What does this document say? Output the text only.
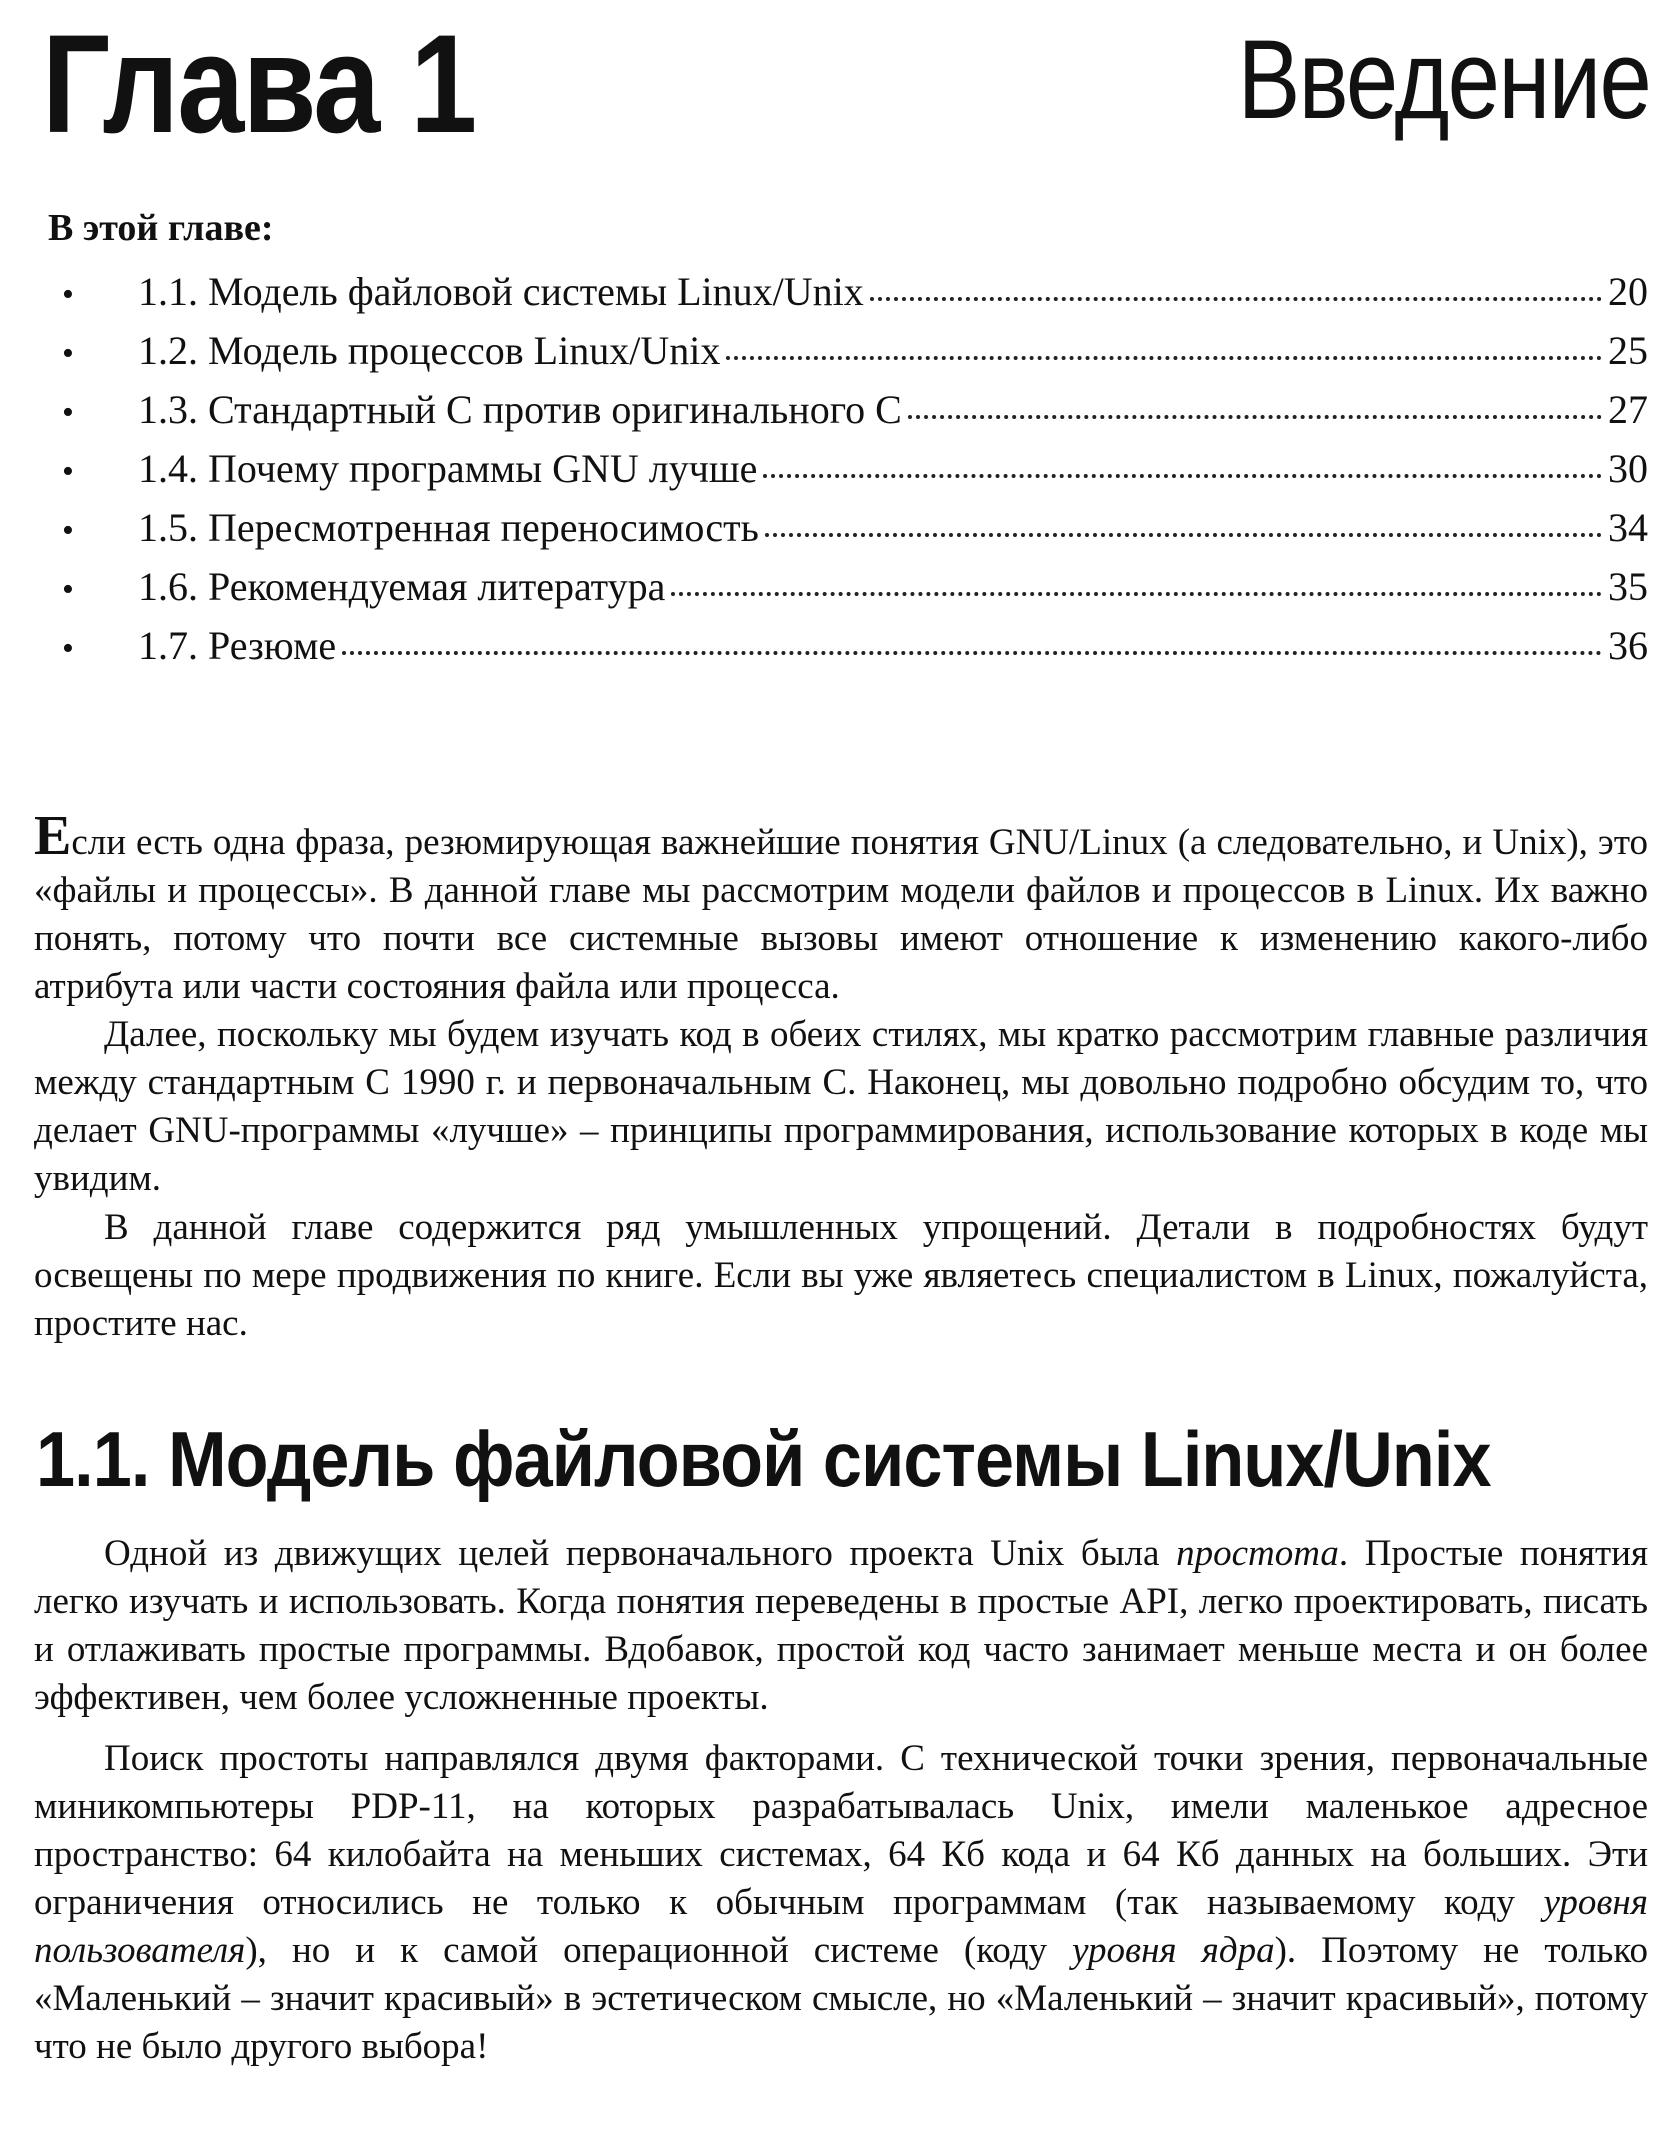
Глава 1	Введение
В этой главе:
•	1.1. Модель файловой системы Linux/Unix	20
•	1.2. Модель процессов Linux/Unix	25
•	1.3. Стандартный С против оригинального С	27
•	1.4. Почему программы GNU лучше	30
•	1.5. Пересмотренная переносимость	34
•	1.6. Рекомендуемая литература	35
•	1.7. Резюме	36

Если есть одна фраза, резюмирующая важнейшие понятия GNU/Linux (а следовательно, и Unix), это «файлы и процессы». В данной главе мы рассмотрим модели файлов и процессов в Linux. Их важно понять, потому что почти все системные вызовы имеют отношение к изменению какого-либо атрибута или части состояния файла или процесса.

Далее, поскольку мы будем изучать код в обеих стилях, мы кратко рассмотрим главные различия между стандартным С 1990 г. и первоначальным С. Наконец, мы довольно подробно обсудим то, что делает GNU-программы «лучше» – принципы программирования, использование которых в коде мы увидим.

В данной главе содержится ряд умышленных упрощений. Детали в подробностях будут освещены по мере продвижения по книге. Если вы уже являетесь специалистом в Linux, пожалуйста, простите нас.

1.1. Модель файловой системы Linux/Unix

Одной из движущих целей первоначального проекта Unix была простота. Простые понятия легко изучать и использовать. Когда понятия переведены в простые API, легко проектировать, писать и отлаживать простые программы. Вдобавок, простой код часто занимает меньше места и он более эффективен, чем более усложненные проекты.

Поиск простоты направлялся двумя факторами. С технической точки зрения, первоначальные миникомпьютеры PDP-11, на которых разрабатывалась Unix, имели маленькое адресное пространство: 64 килобайта на меньших системах, 64 Кб кода и 64 Кб данных на больших. Эти ограничения относились не только к обычным программам (так называемому коду уровня пользователя), но и к самой операционной системе (коду уровня ядра). Поэтому не только «Маленький – значит красивый» в эстетическом смысле, но «Маленький – значит красивый», потому что не было другого выбора!
